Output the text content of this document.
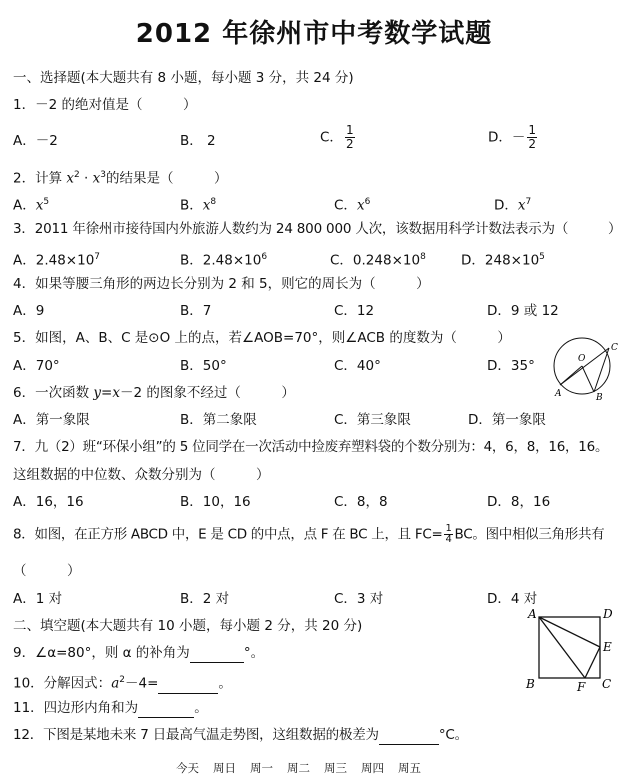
2012 年徐州市中考数学试题
一、选择题(本大题共有 8 小题，每小题 3 分，共 24 分)
1．－2 的绝对值是（　　　）
A．－2	B． 2	C． $\frac{1}{2}$	D．－ $\frac{1}{2}$
2．计算 $x^2 \cdot x^3$的结果是（　　　）
A．$x^5$	B．$x^8$	C．$x^6$	D．$x^7$
3．2011 年徐州市接待国内外旅游人数约为 24 800 000 人次，该数据用科学计数法表示为（　　　）
A．$2.48\times 10^7$	B．$2.48\times 10^6$	C．$0.248\times 10^8$	D．$248\times 10^5$
4．如果等腰三角形的两边长分别为 2 和 5，则它的周长为（　　　）
A．9	B．7	C．12	D．9 或 12
5．如图，A、B、C 是⊙O 上的点，若∠AOB=70°，则∠ACB 的度数为（　　　）
A．70°	B．50°	C．40°	D．35°	O
A	B
C
6．一次函数 y=x－2 的图象不经过（　　　）
A．第一象限	B．第二象限	C．第三象限	D．第一象限
7．九（2）班“环保小组”的 5 位同学在一次活动中捡废弃塑料袋的个数分别为：4，6，8，16，16。
这组数据的中位数、众数分别为（　　　）
A．16，16	B．10，16	C．8，8	D．8，16
8．如图，在正方形 ABCD 中，E 是 CD 的中点，点 F 在 BC 上，且 $FC= \frac{1}{4}$ BC。图中相似三角形共有
（　　　）
A．1 对	B．2 对	C．3 对	D．4 对
A	D
E
B	F C
二、填空题(本大题共有 10 小题，每小题 2 分，共 20 分)
9．∠α=80°，则 α 的补角为	°。
10．分解因式：$a^2-4=$	。
11．四边形内角和为	。
12．下图是某地未来 7 日最高气温走势图，这组数据的极差为	°C。
今天 周日 周一 周二 周三 周四 周五
